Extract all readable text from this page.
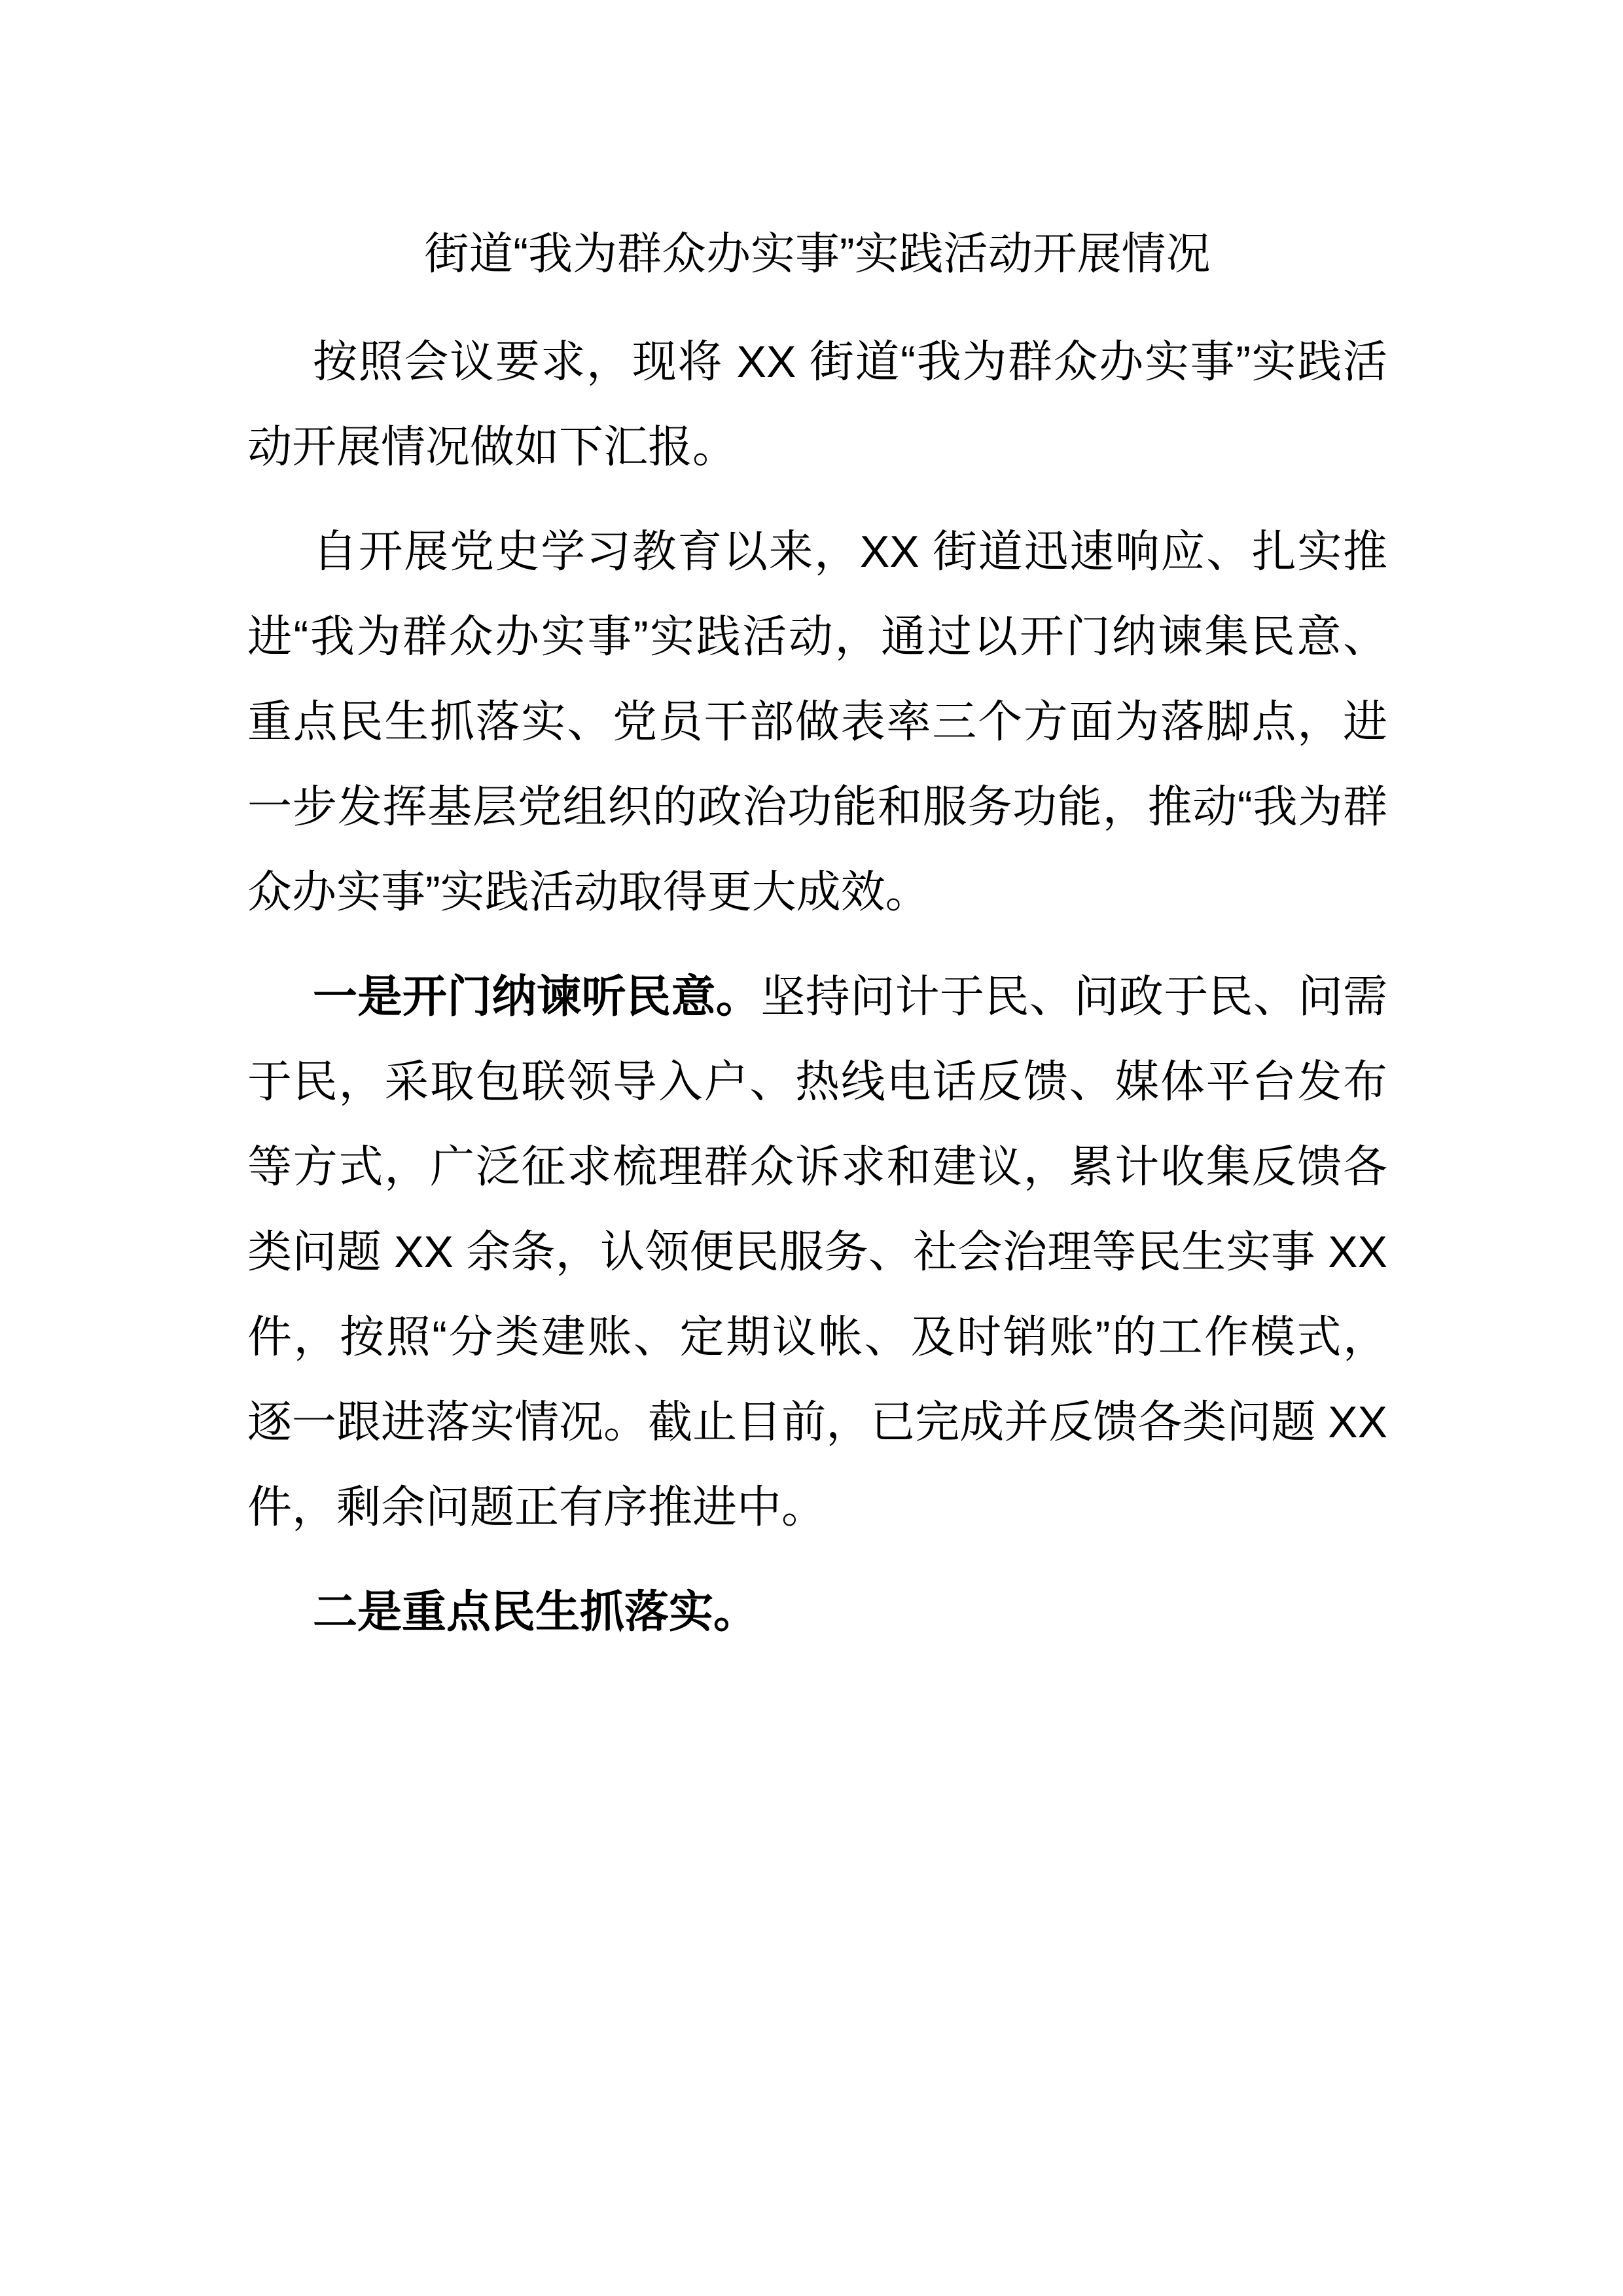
街道“我为群众办实事”实践活动开展情况

按照会议要求，现将 XX 街道“我为群众办实事”实践活动开展情况做如下汇报。

自开展党史学习教育以来，XX 街道迅速响应、扎实推进“我为群众办实事”实践活动，通过以开门纳谏集民意、重点民生抓落实、党员干部做表率三个方面为落脚点，进一步发挥基层党组织的政治功能和服务功能，推动“我为群众办实事”实践活动取得更大成效。

一是开门纳谏听民意。坚持问计于民、问政于民、问需于民，采取包联领导入户、热线电话反馈、媒体平台发布等方式，广泛征求梳理群众诉求和建议，累计收集反馈各类问题 XX 余条，认领便民服务、社会治理等民生实事 XX 件，按照“分类建账、定期议帐、及时销账”的工作模式，逐一跟进落实情况。截止目前，已完成并反馈各类问题 XX 件，剩余问题正有序推进中。

二是重点民生抓落实。
